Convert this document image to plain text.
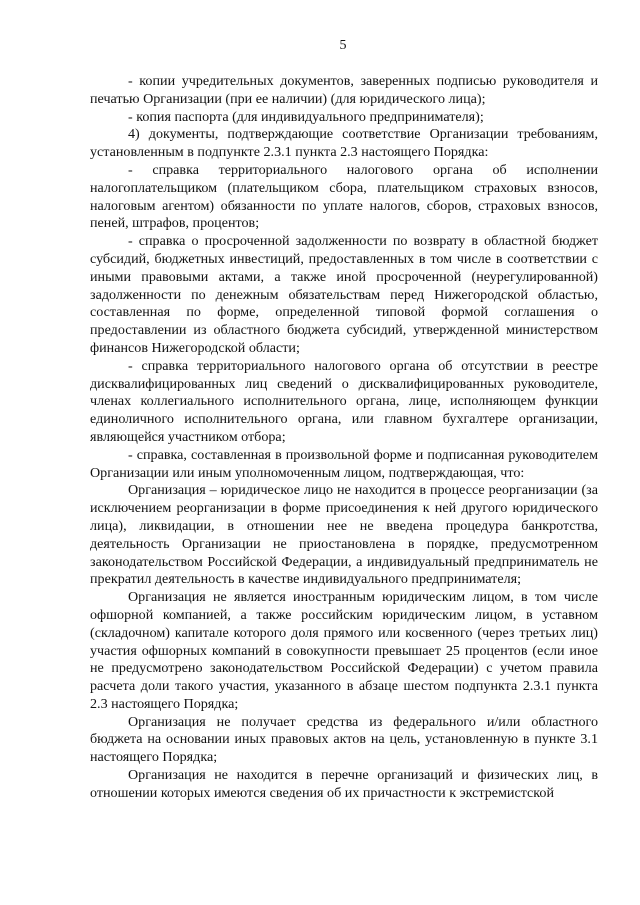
5

- копии учредительных документов, заверенных подписью руководителя и печатью Организации (при ее наличии) (для юридического лица);

- копия паспорта (для индивидуального предпринимателя);

4) документы, подтверждающие соответствие Организации требованиям, установленным в подпункте 2.3.1 пункта 2.3 настоящего Порядка:

- справка территориального налогового органа об исполнении налогоплательщиком (плательщиком сбора, плательщиком страховых взносов, налоговым агентом) обязанности по уплате налогов, сборов, страховых взносов, пеней, штрафов, процентов;

- справка о просроченной задолженности по возврату в областной бюджет субсидий, бюджетных инвестиций, предоставленных в том числе в соответствии с иными правовыми актами, а также иной просроченной (неурегулированной) задолженности по денежным обязательствам перед Нижегородской областью, составленная по форме, определенной типовой формой соглашения о предоставлении из областного бюджета субсидий, утвержденной министерством финансов Нижегородской области;

- справка территориального налогового органа об отсутствии в реестре дисквалифицированных лиц сведений о дисквалифицированных руководителе, членах коллегиального исполнительного органа, лице, исполняющем функции единоличного исполнительного органа, или главном бухгалтере организации, являющейся участником отбора;

- справка, составленная в произвольной форме и подписанная руководителем Организации или иным уполномоченным лицом, подтверждающая, что:

Организация – юридическое лицо не находится в процессе реорганизации (за исключением реорганизации в форме присоединения к ней другого юридического лица), ликвидации, в отношении нее не введена процедура банкротства, деятельность Организации не приостановлена в порядке, предусмотренном законодательством Российской Федерации, а индивидуальный предприниматель не прекратил деятельность в качестве индивидуального предпринимателя;

Организация не является иностранным юридическим лицом, в том числе офшорной компанией, а также российским юридическим лицом, в уставном (складочном) капитале которого доля прямого или косвенного (через третьих лиц) участия офшорных компаний в совокупности превышает 25 процентов (если иное не предусмотрено законодательством Российской Федерации) с учетом правила расчета доли такого участия, указанного в абзаце шестом подпункта 2.3.1 пункта 2.3 настоящего Порядка;

Организация не получает средства из федерального и/или областного бюджета на основании иных правовых актов на цель, установленную в пункте 3.1 настоящего Порядка;

Организация не находится в перечне организаций и физических лиц, в отношении которых имеются сведения об их причастности к экстремистской
